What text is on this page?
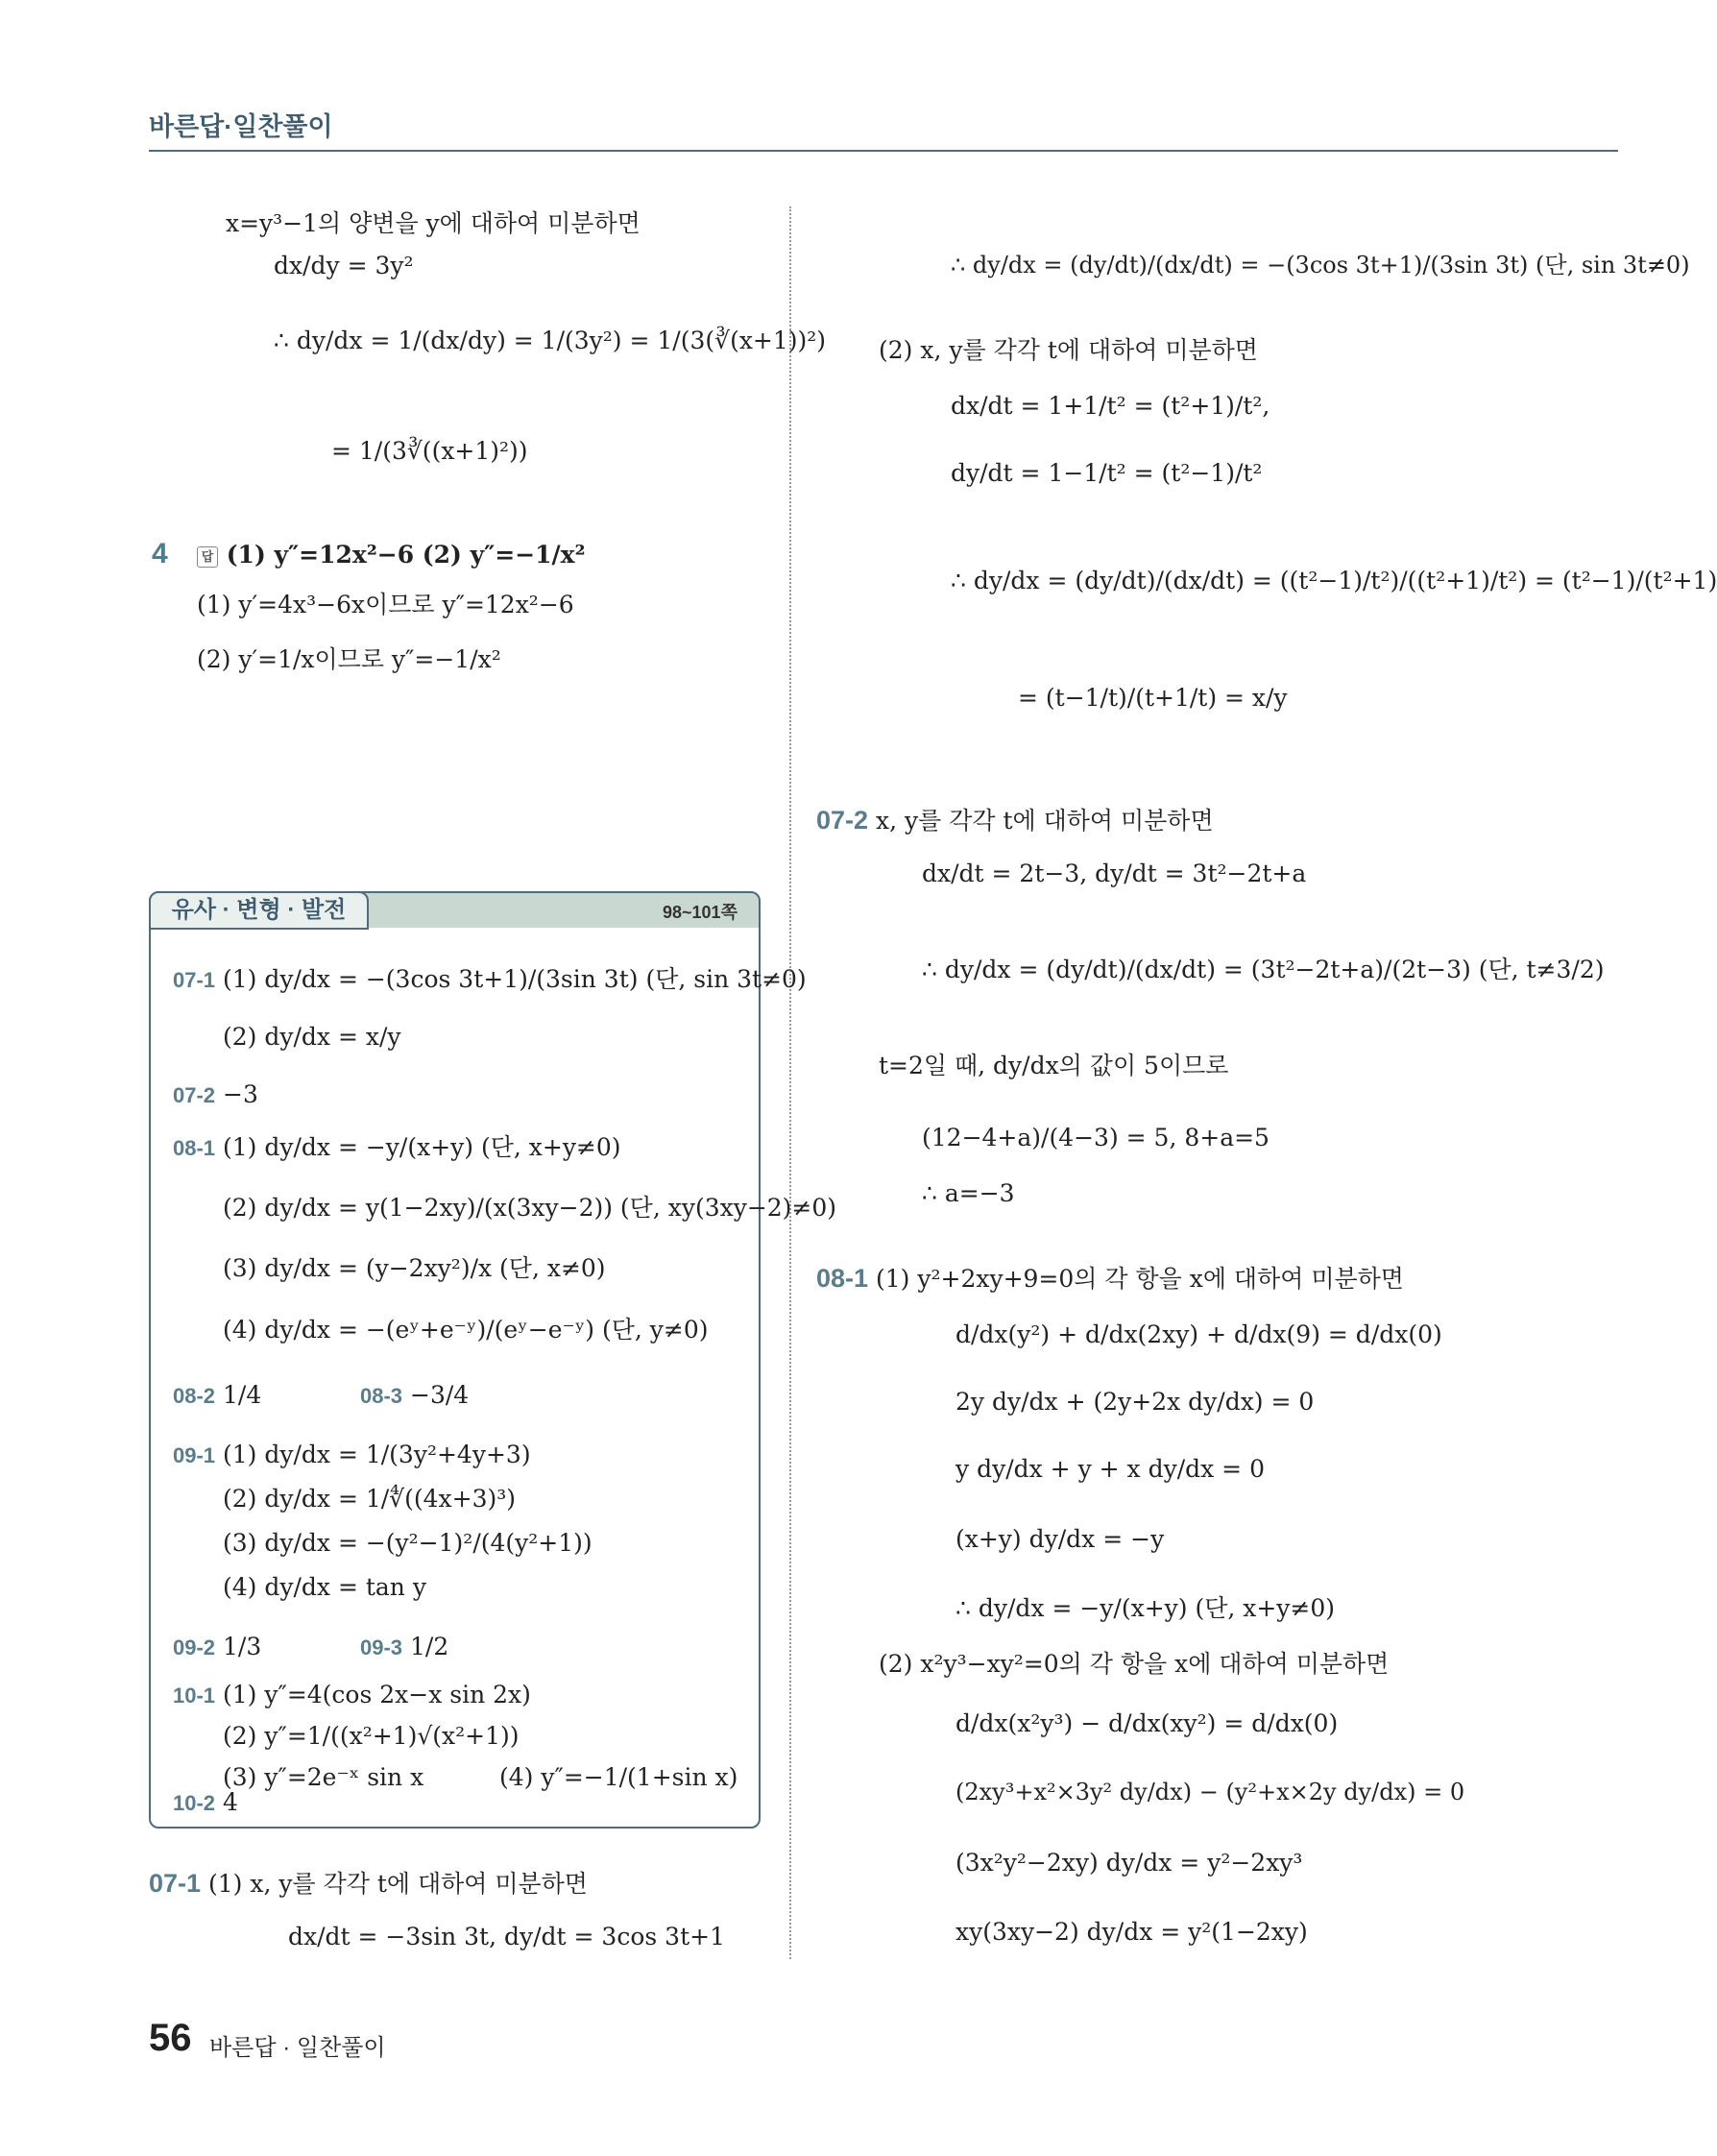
바른답·일찬풀이
x=y³−1의 양변을 y에 대하여 미분하면
dx/dy = 3y²
∴ dy/dx = 1/(dx/dy) = 1/(3y²) = 1/(3(∛(x+1))²)
= 1/(3∛((x+1)²))
4	답 (1) y″=12x²−6 (2) y″=−1/x²
(1) y′=4x³−6x이므로 y″=12x²−6
(2) y′=1/x이므로 y″=−1/x²
유사 · 변형 · 발전	98~101쪽
07-1 (1) dy/dx = −(3cos 3t+1)/(3sin 3t) (단, sin 3t≠0)
(2) dy/dx = x/y
07-2 −3
08-1 (1) dy/dx = −y/(x+y) (단, x+y≠0)
(2) dy/dx = y(1−2xy)/(x(3xy−2)) (단, xy(3xy−2)≠0)
(3) dy/dx = (y−2xy²)/x (단, x≠0)
(4) dy/dx = −(eʸ+e⁻ʸ)/(eʸ−e⁻ʸ) (단, y≠0)
08-2 1/4	08-3 −3/4
09-1 (1) dy/dx = 1/(3y²+4y+3)
(2) dy/dx = 1/∜((4x+3)³)
(3) dy/dx = −(y²−1)²/(4(y²+1))
(4) dy/dx = tan y
09-2 1/3	09-3 1/2
10-1 (1) y″=4(cos 2x−x sin 2x)
(2) y″=1/((x²+1)√(x²+1))
(3) y″=2e⁻ˣ sin x	(4) y″=−1/(1+sin x)
07-1 (1) x, y를 각각 t에 대하여 미분하면
dx/dt = −3sin 3t, dy/dt = 3cos 3t+1
∴ dy/dx = (dy/dt)/(dx/dt) = −(3cos 3t+1)/(3sin 3t) (단, sin 3t≠0)
(2) x, y를 각각 t에 대하여 미분하면
dx/dt = 1+1/t² = (t²+1)/t²,
dy/dt = 1−1/t² = (t²−1)/t²
∴ dy/dx = (dy/dt)/(dx/dt) = ((t²−1)/t²)/((t²+1)/t²) = (t²−1)/(t²+1)
= (t−1/t)/(t+1/t) = x/y
07-2 x, y를 각각 t에 대하여 미분하면
dx/dt = 2t−3, dy/dt = 3t²−2t+a
∴ dy/dx = (dy/dt)/(dx/dt) = (3t²−2t+a)/(2t−3) (단, t≠3/2)
t=2일 때, dy/dx의 값이 5이므로
(12−4+a)/(4−3) = 5, 8+a=5
∴ a=−3
08-1 (1) y²+2xy+9=0의 각 항을 x에 대하여 미분하면
d/dx(y²) + d/dx(2xy) + d/dx(9) = d/dx(0)
2y dy/dx + (2y+2x dy/dx) = 0
y dy/dx + y + x dy/dx = 0
(x+y) dy/dx = −y
∴ dy/dx = −y/(x+y) (단, x+y≠0)
(2) x²y³−xy²=0의 각 항을 x에 대하여 미분하면
d/dx(x²y³) − d/dx(xy²) = d/dx(0)
(2xy³+x²×3y² dy/dx) − (y²+x×2y dy/dx) = 0
(3x²y²−2xy) dy/dx = y²−2xy³
xy(3xy−2) dy/dx = y²(1−2xy)
10-2 4
56 바른답 · 일찬풀이
